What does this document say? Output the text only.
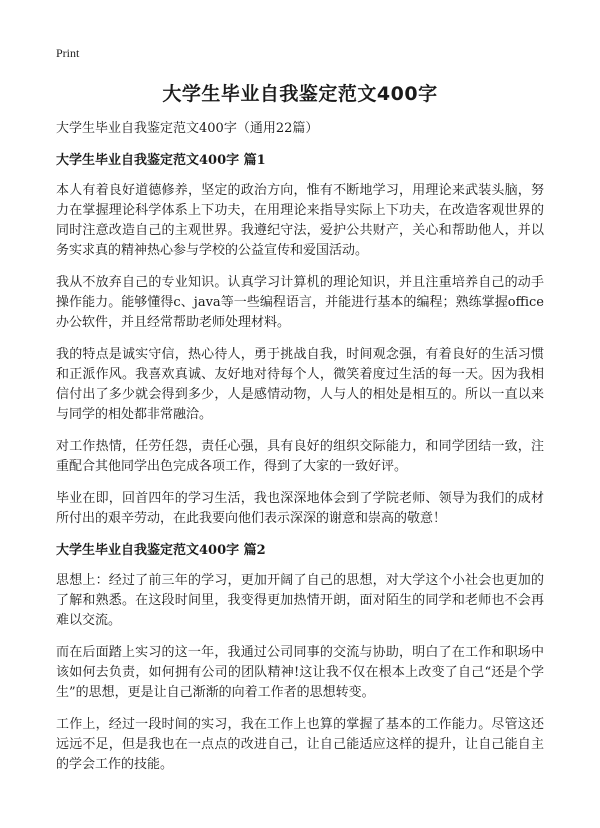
Print
大学生毕业自我鉴定范文400字
大学生毕业自我鉴定范文400字（通用22篇）
大学生毕业自我鉴定范文400字 篇1

本人有着良好道德修养，坚定的政治方向，惟有不断地学习，用理论来武装头脑，努力在掌握理论科学体系上下功夫，在用理论来指导实际上下功夫，在改造客观世界的同时注意改造自己的主观世界。我遵纪守法，爱护公共财产，关心和帮助他人，并以务实求真的精神热心参与学校的公益宣传和爱国活动。

我从不放弃自己的专业知识。认真学习计算机的理论知识，并且注重培养自己的动手操作能力。能够懂得c、java等一些编程语言，并能进行基本的编程；熟练掌握office 办公软件，并且经常帮助老师处理材料。

我的特点是诚实守信，热心待人，勇于挑战自我，时间观念强，有着良好的生活习惯和正派作风。我喜欢真诚、友好地对待每个人，微笑着度过生活的每一天。因为我相信付出了多少就会得到多少，人是感情动物，人与人的相处是相互的。所以一直以来与同学的相处都非常融洽。

对工作热情，任劳任怨，责任心强，具有良好的组织交际能力，和同学团结一致，注重配合其他同学出色完成各项工作，得到了大家的一致好评。

毕业在即，回首四年的学习生活，我也深深地体会到了学院老师、领导为我们的成材所付出的艰辛劳动，在此我要向他们表示深深的谢意和崇高的敬意！

大学生毕业自我鉴定范文400字 篇2

思想上：经过了前三年的学习，更加开阔了自己的思想，对大学这个小社会也更加的了解和熟悉。在这段时间里，我变得更加热情开朗，面对陌生的同学和老师也不会再难以交流。

而在后面踏上实习的这一年，我通过公司同事的交流与协助，明白了在工作和职场中该如何去负责，如何拥有公司的团队精神!这让我不仅在根本上改变了自己“还是个学生”的思想，更是让自己渐渐的向着工作者的思想转变。

工作上，经过一段时间的实习，我在工作上也算的掌握了基本的工作能力。尽管这还远远不足，但是我也在一点点的改进自己，让自己能适应这样的提升，让自己能自主的学会工作的技能。
